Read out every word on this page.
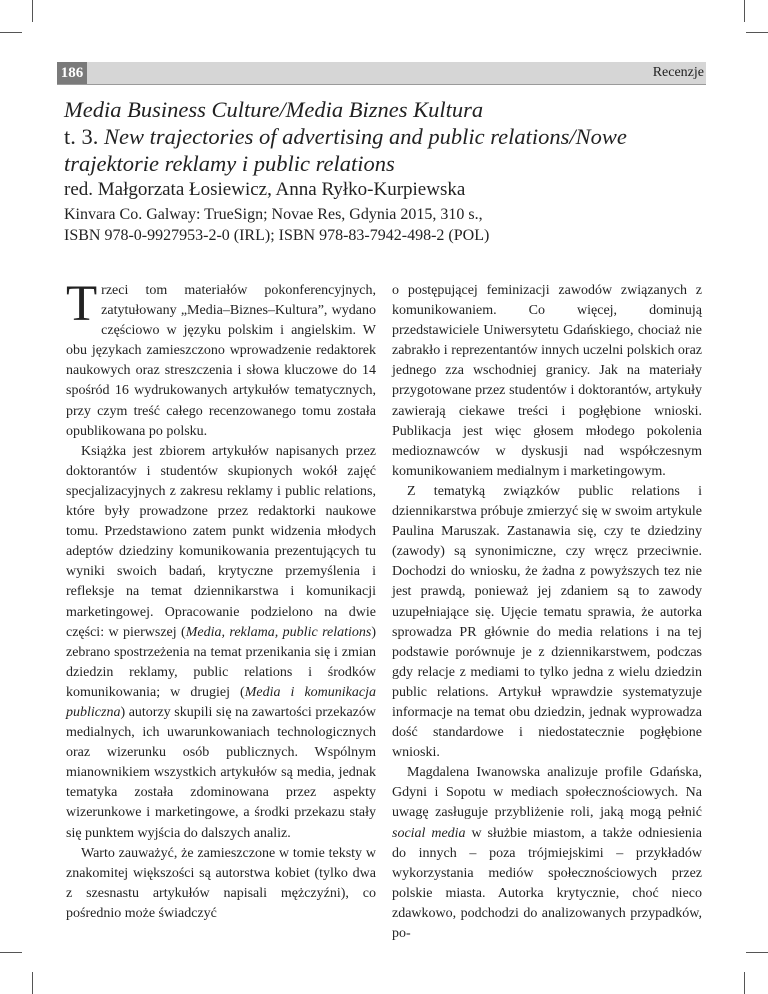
186	Recenzje
Media Business Culture/Media Biznes Kultura
t. 3. New trajectories of advertising and public relations/Nowe
trajektorie reklamy i public relations

red. Małgorzata Łosiewicz, Anna Ryłko-Kurpiewska

Kinvara Co. Galway: TrueSign; Novae Res, Gdynia 2015, 310 s.,
ISBN 978-0-9927953-2-0 (IRL); ISBN 978-83-7942-498-2 (POL)

Trzeci tom materiałów pokonferencyjnych, zatytułowany „Media–Biznes–Kultura”, wydano częściowo w języku polskim i angielskim. W obu językach zamieszczono wprowadzenie redaktorek naukowych oraz streszczenia i słowa kluczowe do 14 spośród 16 wydrukowanych artykułów tematycznych, przy czym treść całego recenzowanego tomu została opublikowana po polsku.

Książka jest zbiorem artykułów napisanych przez doktorantów i studentów skupionych wokół zajęć specjalizacyjnych z zakresu reklamy i public relations, które były prowadzone przez redaktorki naukowe tomu. Przedstawiono zatem punkt widzenia młodych adeptów dziedziny komunikowania prezentujących tu wyniki swoich badań, krytyczne przemyślenia i refleksje na temat dziennikarstwa i komunikacji marketingowej. Opracowanie podzielono na dwie części: w pierwszej (Media, reklama, public relations) zebrano spostrzeżenia na temat przenikania się i zmian dziedzin reklamy, public relations i środków komunikowania; w drugiej (Media i komunikacja publiczna) autorzy skupili się na zawartości przekazów medialnych, ich uwarunkowaniach technologicznych oraz wizerunku osób publicznych. Wspólnym mianownikiem wszystkich artykułów są media, jednak tematyka została zdominowana przez aspekty wizerunkowe i marketingowe, a środki przekazu stały się punktem wyjścia do dalszych analiz.

Warto zauważyć, że zamieszczone w tomie teksty w znakomitej większości są autorstwa kobiet (tylko dwa z szesnastu artykułów napisali mężczyźni), co pośrednio może świadczyć

o postępującej feminizacji zawodów związanych z komunikowaniem. Co więcej, dominują przedstawiciele Uniwersytetu Gdańskiego, chociaż nie zabrakło i reprezentantów innych uczelni polskich oraz jednego zza wschodniej granicy. Jak na materiały przygotowane przez studentów i doktorantów, artykuły zawierają ciekawe treści i pogłębione wnioski. Publikacja jest więc głosem młodego pokolenia medioznawców w dyskusji nad współczesnym komunikowaniem medialnym i marketingowym.

Z tematyką związków public relations i dziennikarstwa próbuje zmierzyć się w swoim artykule Paulina Maruszak. Zastanawia się, czy te dziedziny (zawody) są synonimiczne, czy wręcz przeciwnie. Dochodzi do wniosku, że żadna z powyższych tez nie jest prawdą, ponieważ jej zdaniem są to zawody uzupełniające się. Ujęcie tematu sprawia, że autorka sprowadza PR głównie do media relations i na tej podstawie porównuje je z dziennikarstwem, podczas gdy relacje z mediami to tylko jedna z wielu dziedzin public relations. Artykuł wprawdzie systematyzuje informacje na temat obu dziedzin, jednak wyprowadza dość standardowe i niedostatecznie pogłębione wnioski.

Magdalena Iwanowska analizuje profile Gdańska, Gdyni i Sopotu w mediach społecznościowych. Na uwagę zasługuje przybliżenie roli, jaką mogą pełnić social media w służbie miastom, a także odniesienia do innych – poza trójmiejskimi – przykładów wykorzystania mediów społecznościowych przez polskie miasta. Autorka krytycznie, choć nieco zdawkowo, podchodzi do analizowanych przypadków, po-
